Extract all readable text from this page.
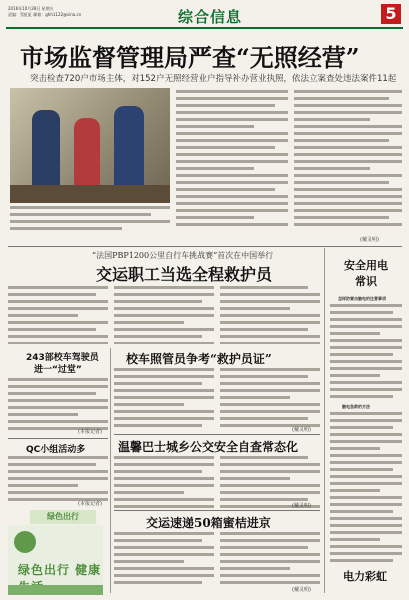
2016年10月28日 星期五
责编：蔡虹虹 邮箱：ghh1122@sina.cn	综合信息	5
市场监督管理局严查“无照经营”
突击检查720户市场主体，对152户无照经营业户指导补办营业执照，依法立案查处违法案件11起
(戴灵明)
“法国PBP1200公里自行车挑战赛”首次在中国举行
交运职工当选全程救护员
243部校车驾驶员
进一“过堂”
(本报记者)
QC小组活动多
(本报记者)
校车照管员争考“救护员证”
(戴灵明)
温馨巴士城乡公交安全自查常态化
(戴灵明)
交运速递50箱蜜桔进京
(戴灵明)
安全用电
常识
怎样防雷击触电的注意事项
触电急救的方法
绿色出行
绿色出行 健康	电力彩虹
